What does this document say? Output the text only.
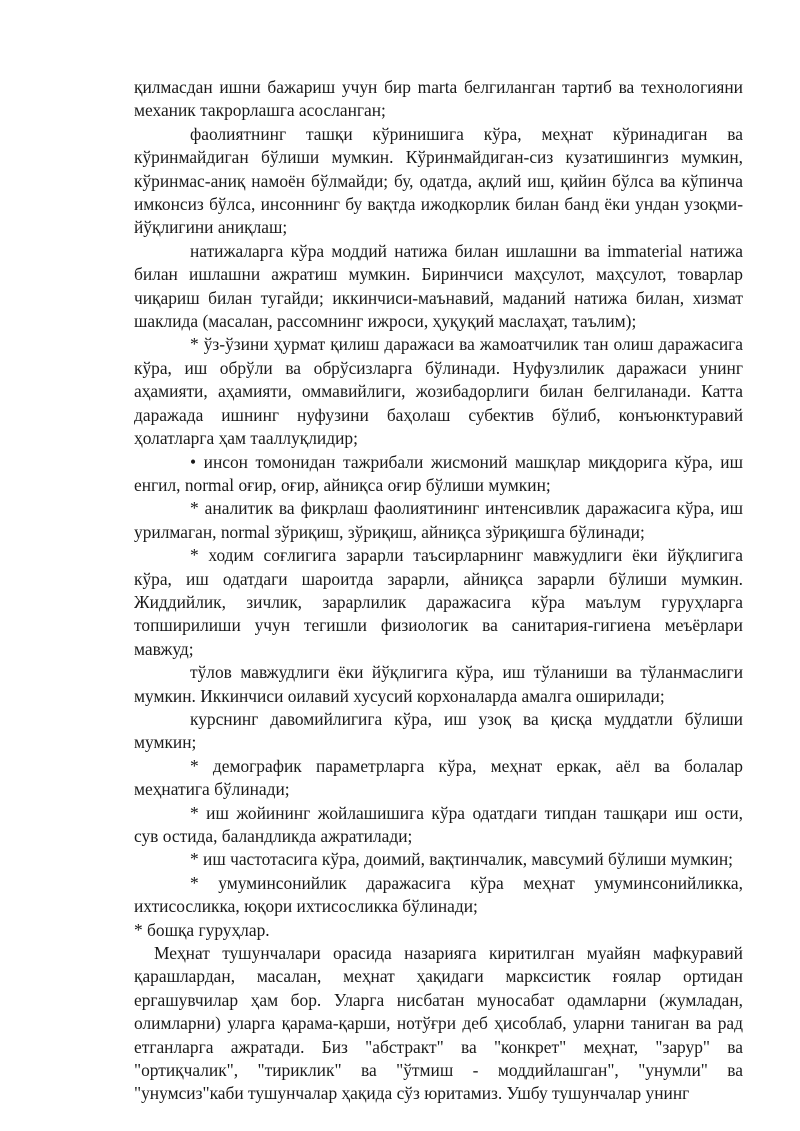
қилмасдан ишни бажариш учун бир marta белгиланган тартиб ва технологияни механик такрорлашга асосланган;

фаолиятнинг ташқи кўринишига кўра, меҳнат кўринадиган ва кўринмайдиган бўлиши мумкин. Кўринмайдиган-сиз кузатишингиз мумкин, кўринмас-аниқ намоён бўлмайди; бу, одатда, ақлий иш, қийин бўлса ва кўпинча имконсиз бўлса, инсоннинг бу вақтда ижодкорлик билан банд ёки ундан узоқми-йўқлигини аниқлаш;

натижаларга кўра моддий натижа билан ишлашни ва immaterial натижа билан ишлашни ажратиш мумкин. Биринчиси маҳсулот, маҳсулот, товарлар чиқариш билан тугайди; иккинчиси-маънавий, маданий натижа билан, хизмат шаклида (масалан, рассомнинг ижроси, ҳуқуқий маслаҳат, таълим);

* ўз-ўзини ҳурмат қилиш даражаси ва жамоатчилик тан олиш даражасига кўра, иш обрўли ва обрўсизларга бўлинади. Нуфузлилик даражаси унинг аҳамияти, аҳамияти, оммавийлиги, жозибадорлиги билан белгиланади. Катта даражада ишнинг нуфузини баҳолаш субектив бўлиб, конъюнктуравий ҳолатларга ҳам тааллуқлидир;

• инсон томонидан тажрибали жисмоний машқлар миқдорига кўра, иш енгил, normal оғир, оғир, айниқса оғир бўлиши мумкин;

* аналитик ва фикрлаш фаолиятининг интенсивлик даражасига кўра, иш урилмаган, normal зўриқиш, зўриқиш, айниқса зўриқишга бўлинади;

* ходим соғлигига зарарли таъсирларнинг мавжудлиги ёки йўқлигига кўра, иш одатдаги шароитда зарарли, айниқса зарарли бўлиши мумкин. Жиддийлик, зичлик, зарарлилик даражасига кўра маълум гуруҳларга топширилиши учун тегишли физиологик ва санитария-гигиена меъёрлари мавжуд;

тўлов мавжудлиги ёки йўқлигига кўра, иш тўланиши ва тўланмаслиги мумкин. Иккинчиси оилавий хусусий корхоналарда амалга оширилади;

курснинг давомийлигига кўра, иш узоқ ва қисқа муддатли бўлиши мумкин;

* демографик параметрларга кўра, меҳнат еркак, аёл ва болалар меҳнатига бўлинади;

* иш жойининг жойлашишига кўра одатдаги типдан ташқари иш ости, сув остида, баландликда ажратилади;

* иш частотасига кўра, доимий, вақтинчалик, мавсумий бўлиши мумкин;

* умуминсонийлик даражасига кўра меҳнат умуминсонийликка, ихтисосликка, юқори ихтисосликка бўлинади;

* бошқа гуруҳлар.

Меҳнат тушунчалари орасида назарияга киритилган муайян мафкуравий қарашлардан, масалан, меҳнат ҳақидаги марксистик ғоялар ортидан ергашувчилар ҳам бор. Уларга нисбатан муносабат одамларни (жумладан, олимларни) уларга қарама-қарши, нотўғри деб ҳисоблаб, уларни таниган ва рад етганларга ажратади. Биз "абстракт" ва "конкрет" меҳнат, "зарур" ва "ортиқчалик", "тириклик" ва "ўтмиш - моддийлашган", "унумли" ва "унумсиз"каби тушунчалар ҳақида сўз юритамиз. Ушбу тушунчалар унинг
